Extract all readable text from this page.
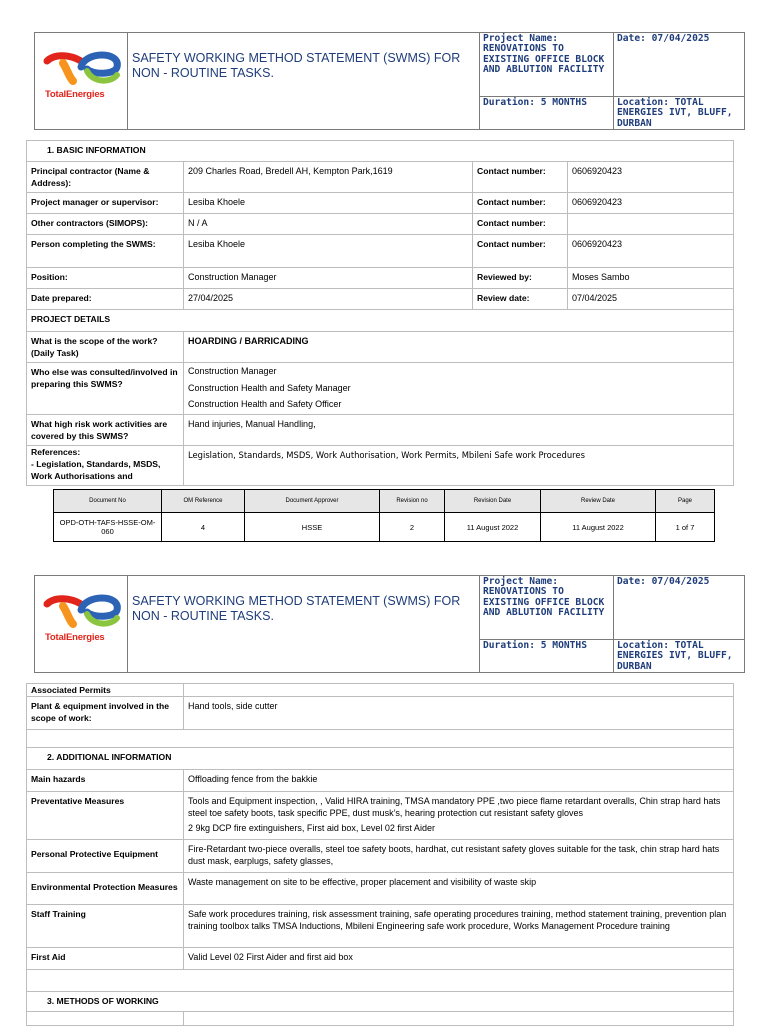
TotalEnergies	SAFETY WORKING METHOD STATEMENT (SWMS) FOR NON - ROUTINE TASKS.	Project Name:
RENOVATIONS TO EXISTING OFFICE BLOCK AND ABLUTION FACILITY	Date: 07/04/2025
		Duration: 5 MONTHS	Location: TOTAL ENERGIES IVT, BLUFF, DURBAN
1. BASIC INFORMATION			
Principal contractor (Name & Address):	209 Charles Road, Bredell AH, Kempton Park,1619	Contact number:	0606920423
Project manager or supervisor:	Lesiba Khoele	Contact number:	0606920423
Other contractors (SIMOPS):	N / A	Contact number:	
Person completing the SWMS:	Lesiba Khoele	Contact number:	0606920423
Position:	Construction Manager	Reviewed by:	Moses Sambo
Date prepared:	27/04/2025	Review date:	07/04/2025
PROJECT DETAILS			
What is the scope of the work? (Daily Task)	HOARDING / BARRICADING		
Who else was consulted/involved in preparing this SWMS?	Construction Manager
Construction Health and Safety Manager
Construction Health and Safety Officer		

What high risk work activities are covered by this SWMS?	Hand injuries, Manual Handling,		

References:
- Legislation, Standards, MSDS, Work Authorisations and	Legislation, Standards, MSDS, Work Authorisation, Work Permits, Mbileni Safe work Procedures		
Document No	OM Reference	Document Approver	Revision no	Revision Date	Review Date	Page
OPD-OTH-TAFS-HSSE-OM-060	4	HSSE	2	11 August 2022	11 August 2022	1 of 7
TotalEnergies	SAFETY WORKING METHOD STATEMENT (SWMS) FOR NON - ROUTINE TASKS.	Project Name:
RENOVATIONS TO EXISTING OFFICE BLOCK AND ABLUTION FACILITY	Date: 07/04/2025
		Duration: 5 MONTHS	Location: TOTAL ENERGIES IVT, BLUFF, DURBAN
Associated Permits	
Plant & equipment involved in the scope of work:	Hand tools, side cutter

2. ADDITIONAL INFORMATION	
Main hazards	Offloading fence from the bakkie
Preventative Measures	Tools and Equipment inspection, , Valid HIRA training, TMSA mandatory PPE ,two piece flame retardant overalls, Chin strap hard hats steel toe safety boots, task specific PPE, dust musk’s, hearing protection cut resistant safety gloves
2 9kg DCP fire extinguishers, First aid box, Level 02 first Aider

Personal Protective Equipment	Fire-Retardant two-piece overalls, steel toe safety boots, hardhat, cut resistant safety gloves suitable for the task, chin strap hard hats dust mask, earplugs, safety glasses,
Environmental Protection Measures	Waste management on site to be effective, proper placement and visibility of waste skip
Staff Training	Safe work procedures training, risk assessment training, safe operating procedures training, method statement training, prevention plan training toolbox talks TMSA Inductions, Mbileni Engineering safe work procedure, Works Management Procedure training
First Aid	Valid Level 02 First Aider and first aid box

3. METHODS OF WORKING	
